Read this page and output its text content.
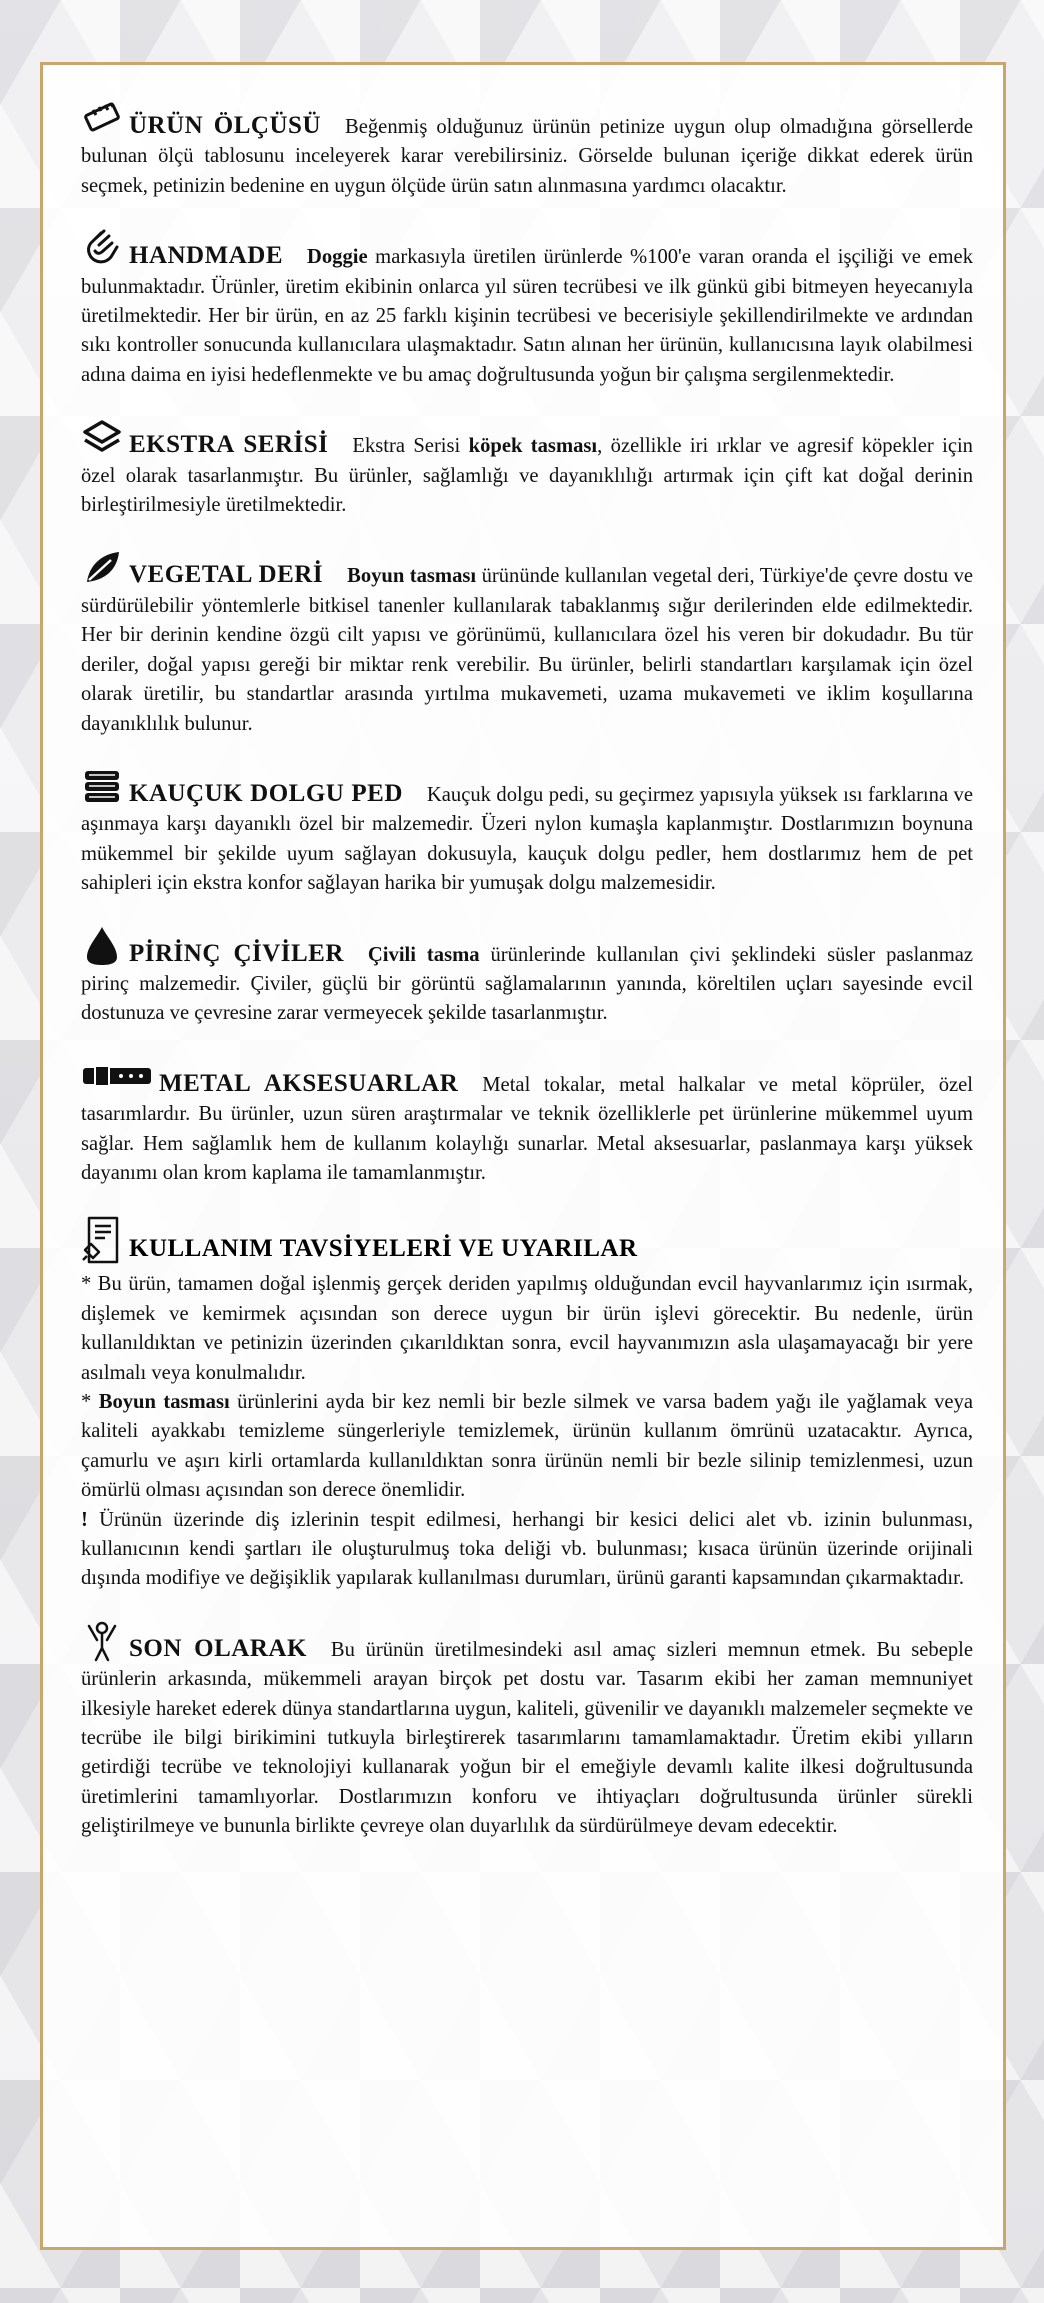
ÜRÜN ÖLÇÜSÜ Beğenmiş olduğunuz ürünün petinize uygun olup olmadığına görsellerde bulunan ölçü tablosunu inceleyerek karar verebilirsiniz. Görselde bulunan içeriğe dikkat ederek ürün seçmek, petinizin bedenine en uygun ölçüde ürün satın alınmasına yardımcı olacaktır.

HANDMADE Doggie markasıyla üretilen ürünlerde %100'e varan oranda el işçiliği ve emek bulunmaktadır. Ürünler, üretim ekibinin onlarca yıl süren tecrübesi ve ilk günkü gibi bitmeyen heyecanıyla üretilmektedir. Her bir ürün, en az 25 farklı kişinin tecrübesi ve becerisiyle şekillendirilmekte ve ardından sıkı kontroller sonucunda kullanıcılara ulaşmaktadır. Satın alınan her ürünün, kullanıcısına layık olabilmesi adına daima en iyisi hedeflenmekte ve bu amaç doğrultusunda yoğun bir çalışma sergilenmektedir.

EKSTRA SERİSİ Ekstra Serisi köpek tasması, özellikle iri ırklar ve agresif köpekler için özel olarak tasarlanmıştır. Bu ürünler, sağlamlığı ve dayanıklılığı artırmak için çift kat doğal derinin birleştirilmesiyle üretilmektedir.

VEGETAL DERİ Boyun tasması ürününde kullanılan vegetal deri, Türkiye'de çevre dostu ve sürdürülebilir yöntemlerle bitkisel tanenler kullanılarak tabaklanmış sığır derilerinden elde edilmektedir. Her bir derinin kendine özgü cilt yapısı ve görünümü, kullanıcılara özel his veren bir dokudadır. Bu tür deriler, doğal yapısı gereği bir miktar renk verebilir. Bu ürünler, belirli standartları karşılamak için özel olarak üretilir, bu standartlar arasında yırtılma mukavemeti, uzama mukavemeti ve iklim koşullarına dayanıklılık bulunur.

KAUÇUK DOLGU PED Kauçuk dolgu pedi, su geçirmez yapısıyla yüksek ısı farklarına ve aşınmaya karşı dayanıklı özel bir malzemedir. Üzeri nylon kumaşla kaplanmıştır. Dostlarımızın boynuna mükemmel bir şekilde uyum sağlayan dokusuyla, kauçuk dolgu pedler, hem dostlarımız hem de pet sahipleri için ekstra konfor sağlayan harika bir yumuşak dolgu malzemesidir.

PİRİNÇ ÇİVİLER Çivili tasma ürünlerinde kullanılan çivi şeklindeki süsler paslanmaz pirinç malzemedir. Çiviler, güçlü bir görüntü sağlamalarının yanında, köreltilen uçları sayesinde evcil dostunuza ve çevresine zarar vermeyecek şekilde tasarlanmıştır.

METAL AKSESUARLAR Metal tokalar, metal halkalar ve metal köprüler, özel tasarımlardır. Bu ürünler, uzun süren araştırmalar ve teknik özelliklerle pet ürünlerine mükemmel uyum sağlar. Hem sağlamlık hem de kullanım kolaylığı sunarlar. Metal aksesuarlar, paslanmaya karşı yüksek dayanımı olan krom kaplama ile tamamlanmıştır.

KULLANIM TAVSİYELERİ VE UYARILAR

* Bu ürün, tamamen doğal işlenmiş gerçek deriden yapılmış olduğundan evcil hayvanlarımız için ısırmak, dişlemek ve kemirmek açısından son derece uygun bir ürün işlevi görecektir. Bu nedenle, ürün kullanıldıktan ve petinizin üzerinden çıkarıldıktan sonra, evcil hayvanımızın asla ulaşamayacağı bir yere asılmalı veya konulmalıdır.

* Boyun tasması ürünlerini ayda bir kez nemli bir bezle silmek ve varsa badem yağı ile yağlamak veya kaliteli ayakkabı temizleme süngerleriyle temizlemek, ürünün kullanım ömrünü uzatacaktır. Ayrıca, çamurlu ve aşırı kirli ortamlarda kullanıldıktan sonra ürünün nemli bir bezle silinip temizlenmesi, uzun ömürlü olması açısından son derece önemlidir.

! Ürünün üzerinde diş izlerinin tespit edilmesi, herhangi bir kesici delici alet vb. izinin bulunması, kullanıcının kendi şartları ile oluşturulmuş toka deliği vb. bulunması; kısaca ürünün üzerinde orijinali dışında modifiye ve değişiklik yapılarak kullanılması durumları, ürünü garanti kapsamından çıkarmaktadır.

SON OLARAK Bu ürünün üretilmesindeki asıl amaç sizleri memnun etmek. Bu sebeple ürünlerin arkasında, mükemmeli arayan birçok pet dostu var. Tasarım ekibi her zaman memnuniyet ilkesiyle hareket ederek dünya standartlarına uygun, kaliteli, güvenilir ve dayanıklı malzemeler seçmekte ve tecrübe ile bilgi birikimini tutkuyla birleştirerek tasarımlarını tamamlamaktadır. Üretim ekibi yılların getirdiği tecrübe ve teknolojiyi kullanarak yoğun bir el emeğiyle devamlı kalite ilkesi doğrultusunda üretimlerini tamamlıyorlar. Dostlarımızın konforu ve ihtiyaçları doğrultusunda ürünler sürekli geliştirilmeye ve bununla birlikte çevreye olan duyarlılık da sürdürülmeye devam edecektir.
